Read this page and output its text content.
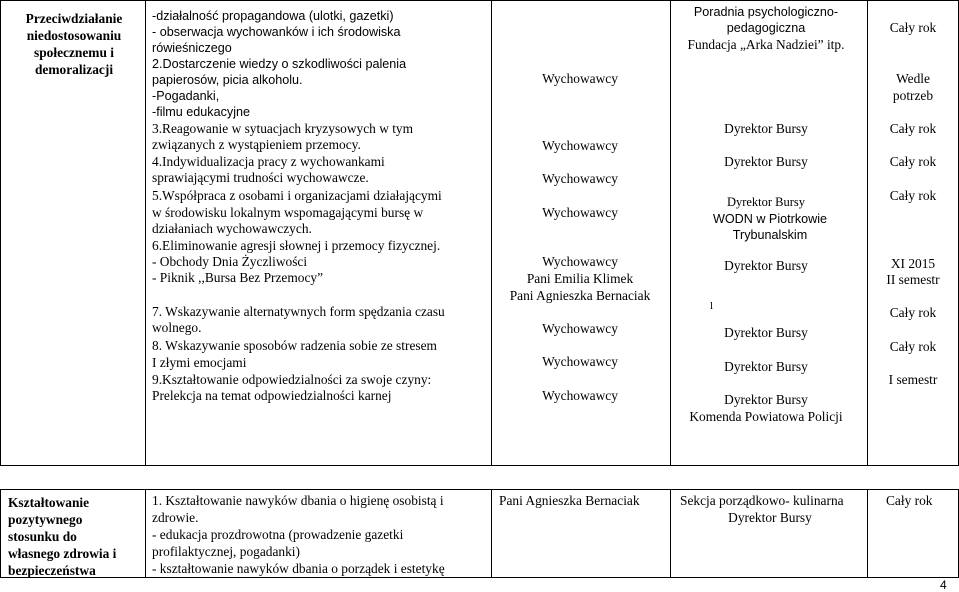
Przeciwdziałanie niedostosowaniu społecznemu i demoralizacji
-działalność propagandowa (ulotki, gazetki)
- obserwacja wychowanków i ich środowiska
rówieśniczego
2.Dostarczenie wiedzy o szkodliwości palenia
papierosów, picia alkoholu.
-Pogadanki,
-filmu edukacyjne
3.Reagowanie w sytuacjach kryzysowych w tym
związanych z wystąpieniem przemocy.
4.Indywidualizacja pracy z wychowankami
sprawiającymi trudności wychowawcze.
5.Współpraca z osobami i organizacjami działającymi
w środowisku lokalnym wspomagającymi bursę w
działaniach wychowawczych.
6.Eliminowanie agresji słownej i przemocy fizycznej.
- Obchody Dnia Życzliwości
- Piknik ,,Bursa Bez Przemocy”
7. Wskazywanie alternatywnych form spędzania czasu
wolnego.
8. Wskazywanie sposobów radzenia sobie ze stresem
I złymi emocjami
9.Kształtowanie odpowiedzialności za swoje czyny:
Prelekcja na temat odpowiedzialności karnej
Wychowawcy
Wychowawcy
Wychowawcy
Wychowawcy
Wychowawcy
Pani Emilia Klimek
Pani Agnieszka Bernaciak
Wychowawcy
Wychowawcy
Wychowawcy
Poradnia psychologiczno-
pedagogiczna
Fundacja „Arka Nadziei” itp.
Dyrektor Bursy
Dyrektor Bursy
Dyrektor Bursy
WODN w Piotrkowie
Trybunalskim
Dyrektor Bursy
l
Dyrektor Bursy
Dyrektor Bursy
Dyrektor Bursy
Komenda Powiatowa Policji
Cały rok
Wedle
potrzeb
Cały rok
Cały rok
Cały rok
XI 2015
II semestr
Cały rok
Cały rok
I semestr
Kształtowanie
pozytywnego
stosunku do
własnego zdrowia i
bezpieczeństwa
1. Kształtowanie nawyków dbania o higienę osobistą i
zdrowie.
- edukacja prozdrowotna (prowadzenie gazetki
profilaktycznej, pogadanki)
- kształtowanie nawyków dbania o porządek i estetykę
Pani Agnieszka Bernaciak	Sekcja porządkowo- kulinarna
Dyrektor Bursy
Cały rok
4
